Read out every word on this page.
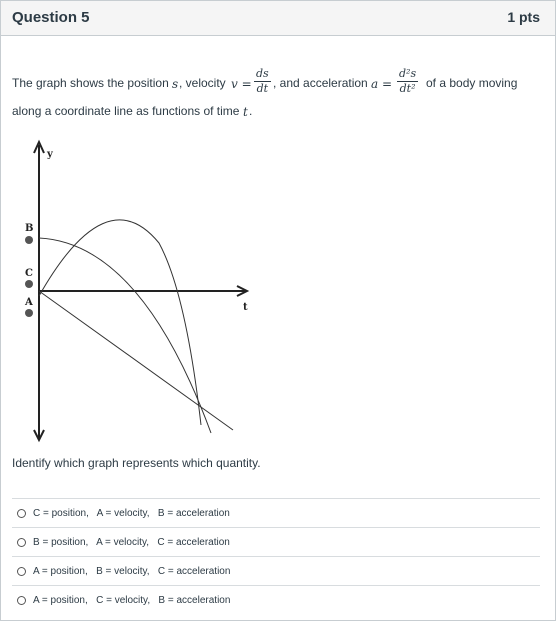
Question 5	1 pts
The graph shows the position s , velocity $v = \frac{ds}{dt}$ , and acceleration $a = \frac{\text{d²s}}{\text{dt²}}$ of a body moving
along a coordinate line as functions of time t .
y
t
B
C
A
Identify which graph represents which quantity.
C = position,   A = velocity,   B = acceleration
B = position,   A = velocity,   C = acceleration
A = position,   B = velocity,   C = acceleration
A = position,   C = velocity,   B = acceleration
